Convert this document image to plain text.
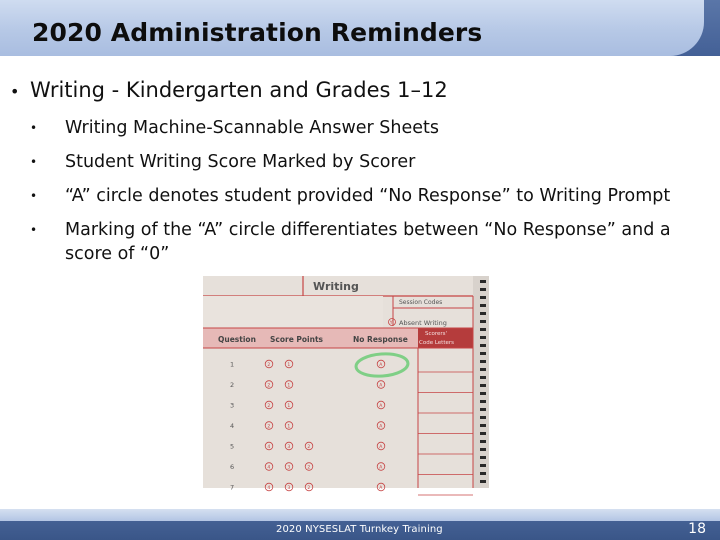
2020 Administration Reminders
• Writing - Kindergarten and Grades 1–12
•	Writing Machine-Scannable Answer Sheets
•	Student Writing Score Marked by Scorer
•	“A” circle denotes student provided “No Response” to Writing Prompt
•	Marking of the “A” circle differentiates between “No Response” and a score of “0”
Writing
Session Codes
Y Absent Writing
Scorers'
Code Letters
Question Score Points	No Response
1	2	1	A
2	2	1	A
3	2	1	A
4	2	1	A
5	4	3	2	A
6	4	3	2	A
7	4	3	2	A
2020 NYSESLAT Turnkey Training	18
